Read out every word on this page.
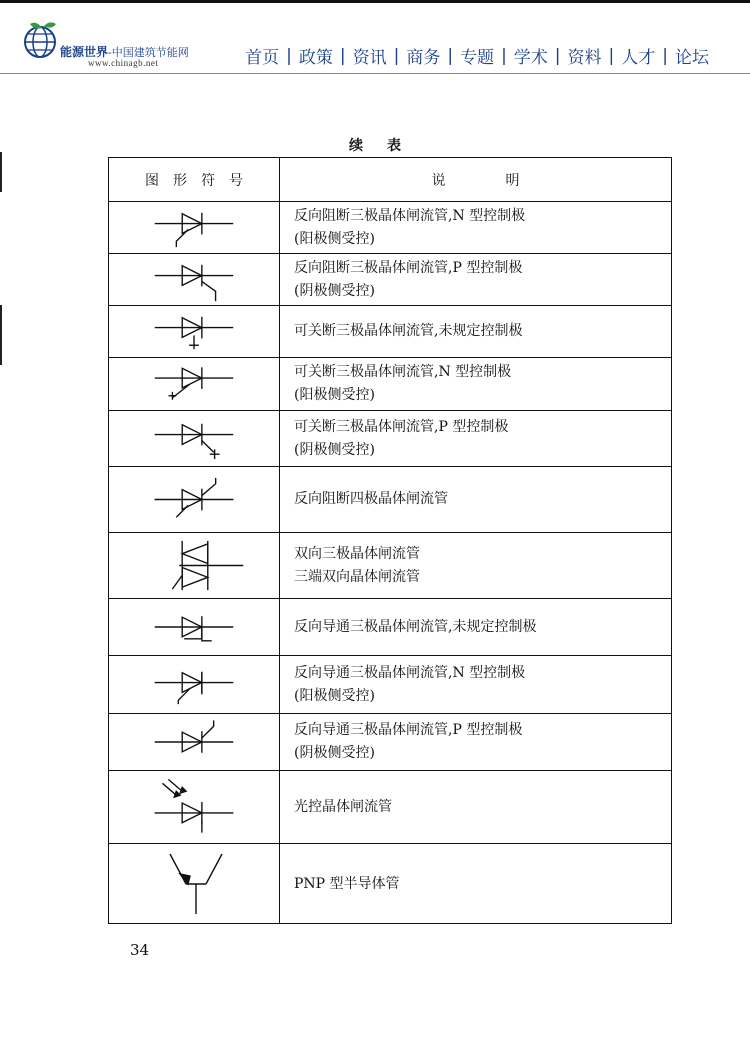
能源世界-中国建筑节能网
www.chinagb.net	首页 | 政策 | 资讯 | 商务 | 专题 | 学术 | 资料 | 人才 | 论坛
续表
图形符号	说明
反向阻断三极晶体闸流管,N 型控制极
(阳极侧受控)
反向阻断三极晶体闸流管,P 型控制极
(阴极侧受控)
可关断三极晶体闸流管,未规定控制极
可关断三极晶体闸流管,N 型控制极
(阳极侧受控)
可关断三极晶体闸流管,P 型控制极
(阴极侧受控)
反向阻断四极晶体闸流管
双向三极晶体闸流管
三端双向晶体闸流管
反向导通三极晶体闸流管,未规定控制极
反向导通三极晶体闸流管,N 型控制极
(阳极侧受控)
反向导通三极晶体闸流管,P 型控制极
(阴极侧受控)
光控晶体闸流管
PNP 型半导体管
34
